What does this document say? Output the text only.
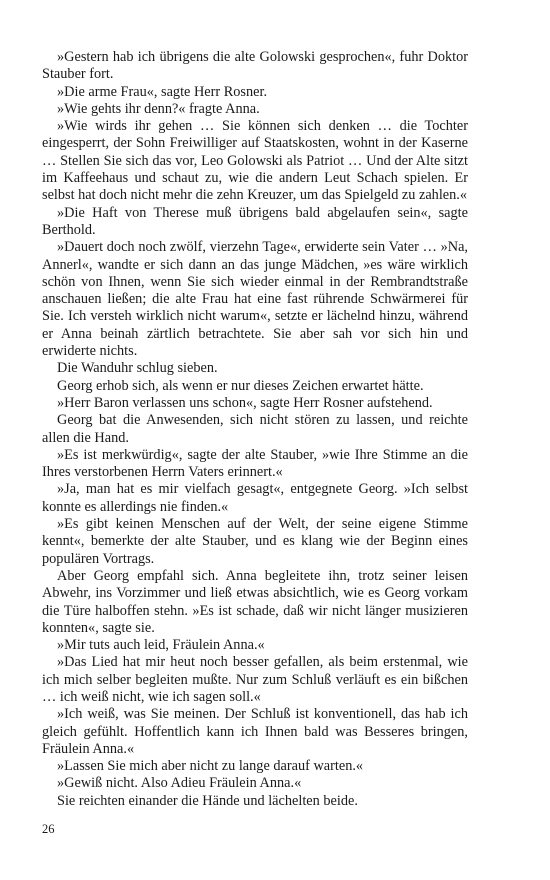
»Gestern hab ich übrigens die alte Golowski gesprochen«, fuhr Doktor Stauber fort.

»Die arme Frau«, sagte Herr Rosner.

»Wie gehts ihr denn?« fragte Anna.

»Wie wirds ihr gehen … Sie können sich denken … die Tochter eingesperrt, der Sohn Freiwilliger auf Staatskosten, wohnt in der Kaserne … Stellen Sie sich das vor, Leo Golowski als Patriot … Und der Alte sitzt im Kaffeehaus und schaut zu, wie die andern Leut Schach spielen. Er selbst hat doch nicht mehr die zehn Kreuzer, um das Spielgeld zu zahlen.«

»Die Haft von Therese muß übrigens bald abgelaufen sein«, sagte Berthold.

»Dauert doch noch zwölf, vierzehn Tage«, erwiderte sein Vater … »Na, Annerl«, wandte er sich dann an das junge Mädchen, »es wäre wirklich schön von Ihnen, wenn Sie sich wieder einmal in der Rembrandtstraße anschauen ließen; die alte Frau hat eine fast rührende Schwärmerei für Sie. Ich versteh wirklich nicht warum«, setzte er lächelnd hinzu, während er Anna beinah zärtlich betrachtete. Sie aber sah vor sich hin und erwiderte nichts.

Die Wanduhr schlug sieben.

Georg erhob sich, als wenn er nur dieses Zeichen erwartet hätte.

»Herr Baron verlassen uns schon«, sagte Herr Rosner aufstehend.

Georg bat die Anwesenden, sich nicht stören zu lassen, und reichte allen die Hand.

»Es ist merkwürdig«, sagte der alte Stauber, »wie Ihre Stimme an die Ihres verstorbenen Herrn Vaters erinnert.«

»Ja, man hat es mir vielfach gesagt«, entgegnete Georg. »Ich selbst konnte es allerdings nie finden.«

»Es gibt keinen Menschen auf der Welt, der seine eigene Stimme kennt«, bemerkte der alte Stauber, und es klang wie der Beginn eines populären Vortrags.

Aber Georg empfahl sich. Anna begleitete ihn, trotz seiner leisen Abwehr, ins Vorzimmer und ließ etwas absichtlich, wie es Georg vorkam die Türe halboffen stehn. »Es ist schade, daß wir nicht länger musizieren konnten«, sagte sie.

»Mir tuts auch leid, Fräulein Anna.«

»Das Lied hat mir heut noch besser gefallen, als beim erstenmal, wie ich mich selber begleiten mußte. Nur zum Schluß verläuft es ein bißchen … ich weiß nicht, wie ich sagen soll.«

»Ich weiß, was Sie meinen. Der Schluß ist konventionell, das hab ich gleich gefühlt. Hoffentlich kann ich Ihnen bald was Besseres bringen, Fräulein Anna.«

»Lassen Sie mich aber nicht zu lange darauf warten.«

»Gewiß nicht. Also Adieu Fräulein Anna.«

Sie reichten einander die Hände und lächelten beide.

26
